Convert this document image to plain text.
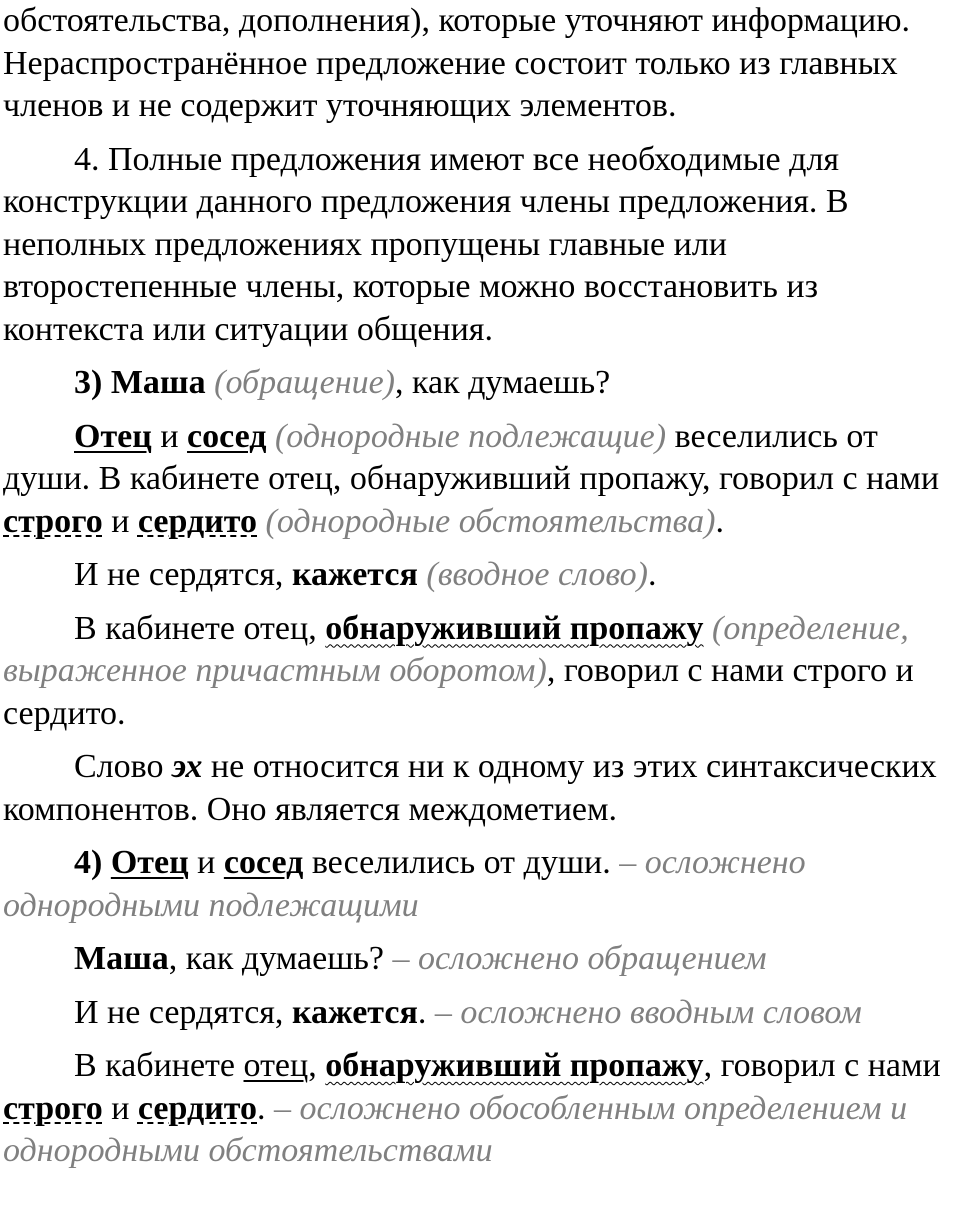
обстоятельства, дополнения), которые уточняют информацию. Нераспространённое предложение состоит только из главных членов и не содержит уточняющих элементов.

4. Полные предложения имеют все необходимые для конструкции данного предложения члены предложения. В неполных предложениях пропущены главные или второстепенные члены, которые можно восстановить из контекста или ситуации общения.

3) Маша (обращение), как думаешь?

Отец и сосед (однородные подлежащие) веселились от души. В кабинете отец, обнаруживший пропажу, говорил с нами строго и сердито (однородные обстоятельства).

И не сердятся, кажется (вводное слово).

В кабинете отец, обнаруживший пропажу (определение, выраженное причастным оборотом), говорил с нами строго и сердито.

Слово эх не относится ни к одному из этих синтаксических компонентов. Оно является междометием.

4) Отец и сосед веселились от души. – осложнено однородными подлежащими

Маша, как думаешь? – осложнено обращением

И не сердятся, кажется. – осложнено вводным словом

В кабинете отец, обнаруживший пропажу, говорил с нами строго и сердито. – осложнено обособленным определением и однородными обстоятельствами
